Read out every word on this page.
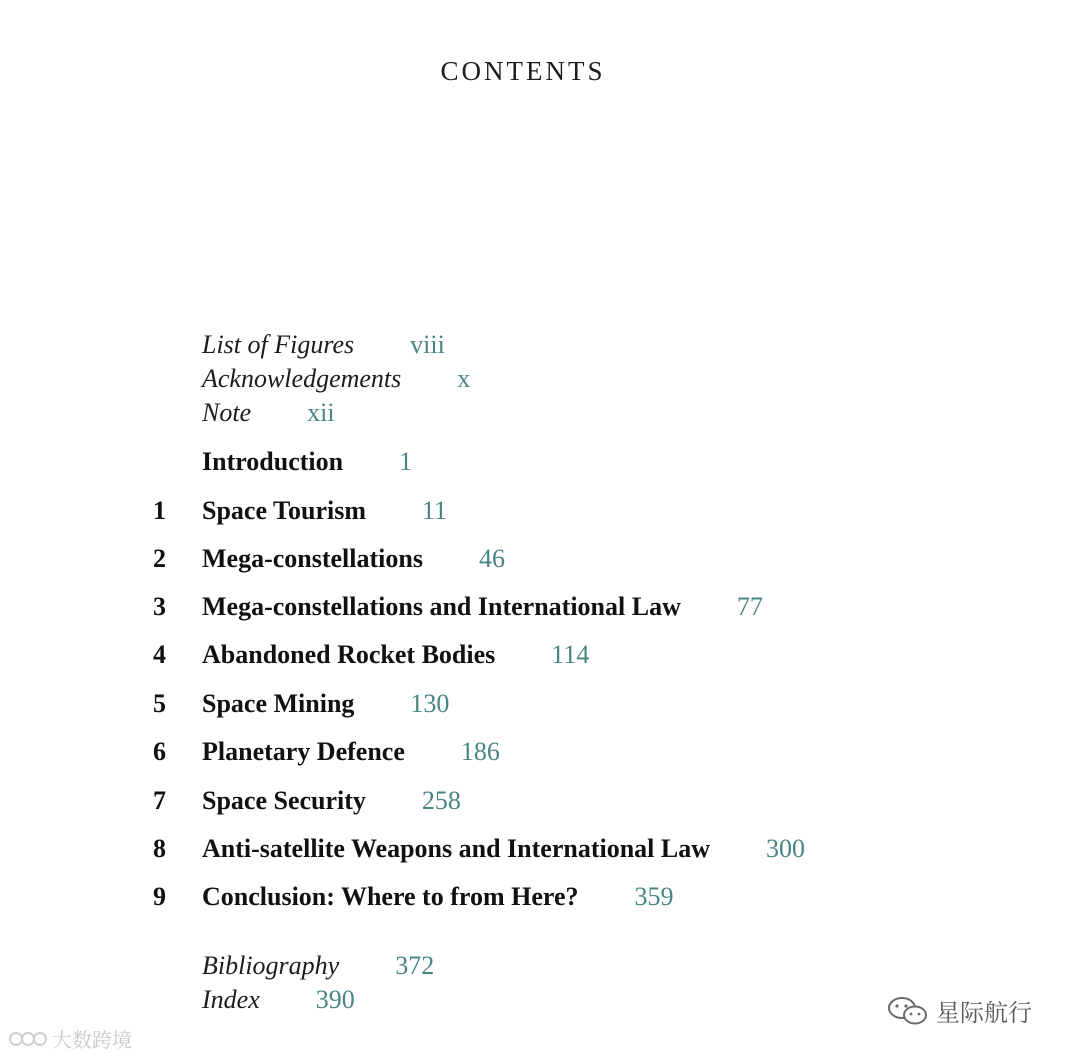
CONTENTS
List of Figures viii
Acknowledgements x
Note xii
Introduction 1
1 Space Tourism 11
2 Mega-constellations 46
3 Mega-constellations and International Law 77
4 Abandoned Rocket Bodies 114
5 Space Mining 130
6 Planetary Defence 186
7 Space Security 258
8 Anti-satellite Weapons and International Law 300
9 Conclusion: Where to from Here? 359
Bibliography 372
Index 390
大数跨境
星际航行
